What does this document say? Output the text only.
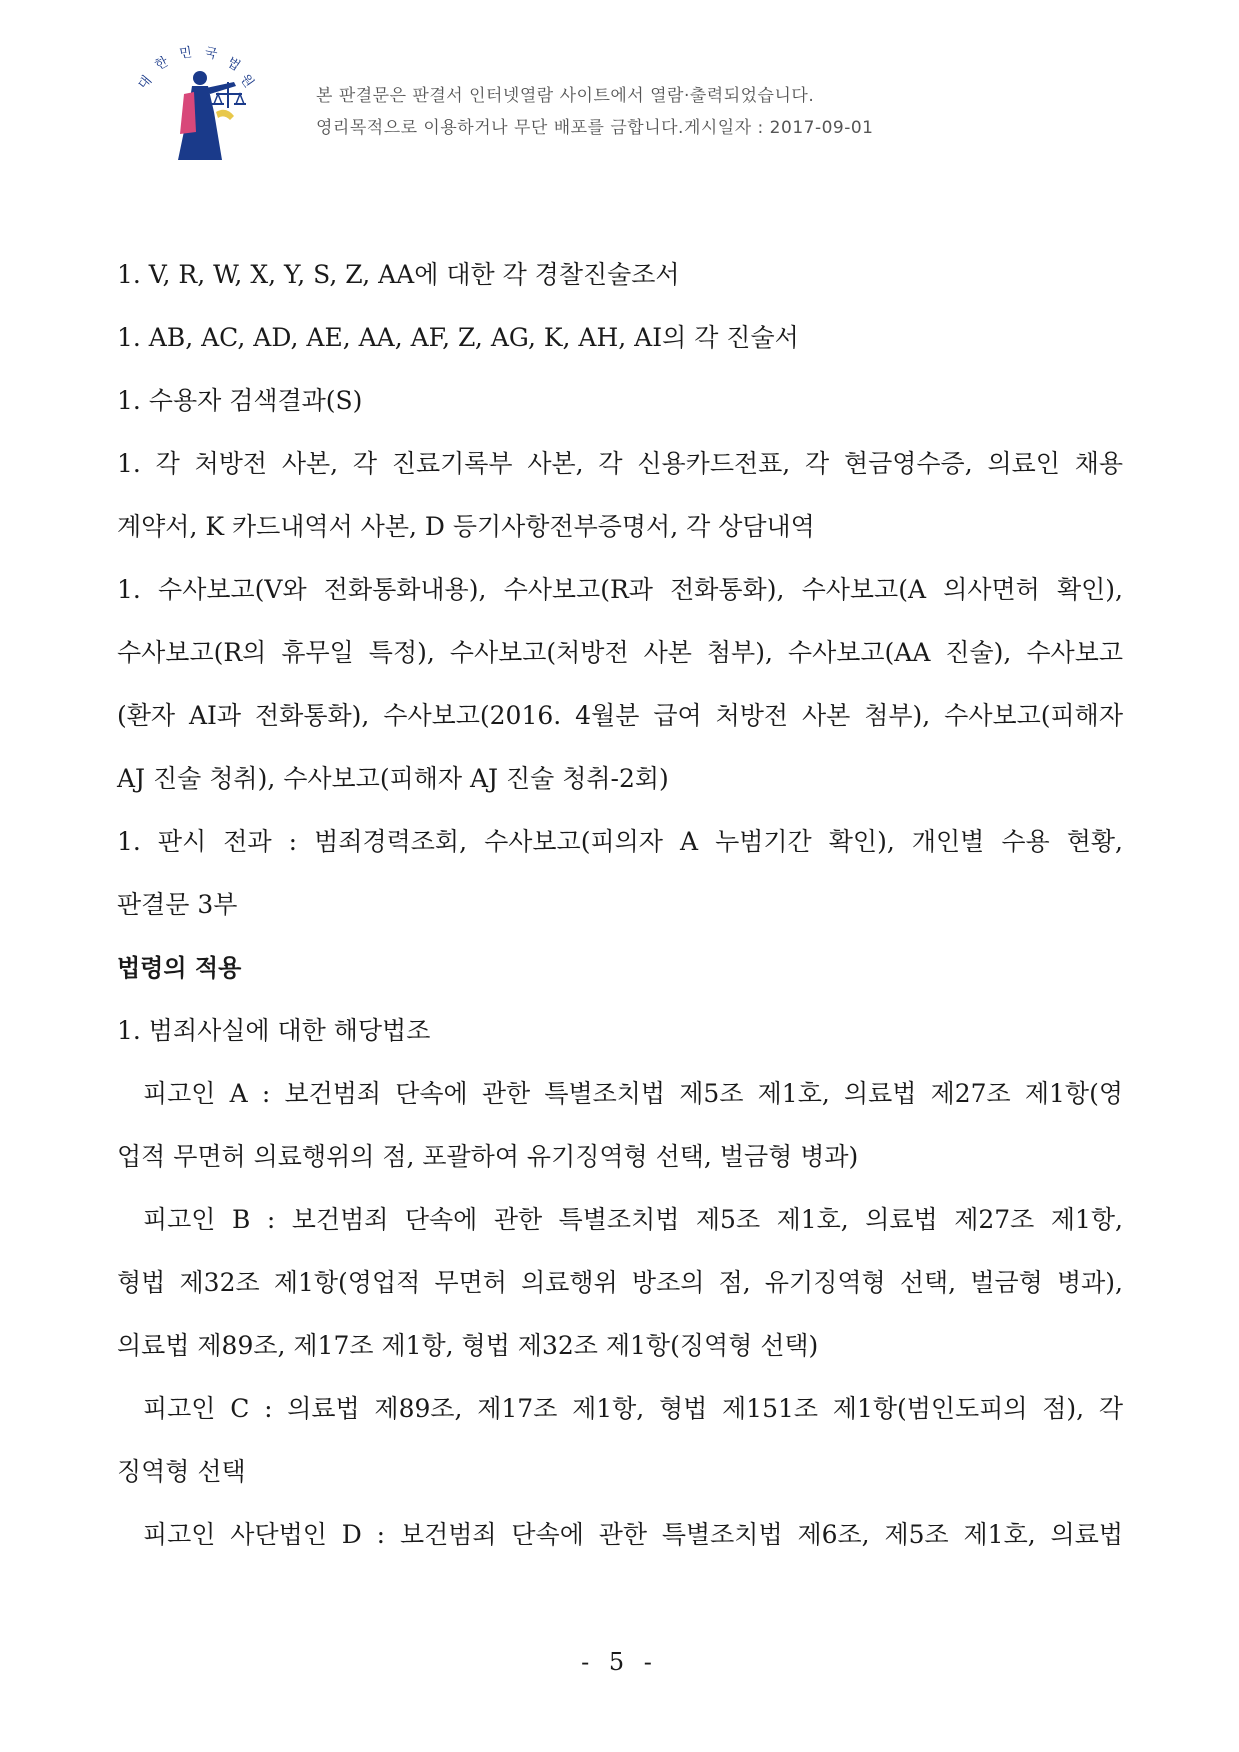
대
한
민 국
법
원
본 판결문은 판결서 인터넷열람 사이트에서 열람·출력되었습니다.
영리목적으로 이용하거나 무단 배포를 금합니다.게시일자 : 2017-09-01
1. V, R, W, X, Y, S, Z, AA에 대한 각 경찰진술조서
1. AB, AC, AD, AE, AA, AF, Z, AG, K, AH, AI의 각 진술서
1. 수용자 검색결과(S)
1. 각 처방전 사본, 각 진료기록부 사본, 각 신용카드전표, 각 현금영수증, 의료인 채용
계약서, K 카드내역서 사본, D 등기사항전부증명서, 각 상담내역
1. 수사보고(V와 전화통화내용), 수사보고(R과 전화통화), 수사보고(A 의사면허 확인),
수사보고(R의 휴무일 특정), 수사보고(처방전 사본 첨부), 수사보고(AA 진술), 수사보고
(환자 AI과 전화통화), 수사보고(2016. 4월분 급여 처방전 사본 첨부), 수사보고(피해자
AJ 진술 청취), 수사보고(피해자 AJ 진술 청취-2회)
1. 판시 전과 : 범죄경력조회, 수사보고(피의자 A 누범기간 확인), 개인별 수용 현황,
판결문 3부
법령의 적용
1. 범죄사실에 대한 해당법조
피고인 A : 보건범죄 단속에 관한 특별조치법 제5조 제1호, 의료법 제27조 제1항(영
업적 무면허 의료행위의 점, 포괄하여 유기징역형 선택, 벌금형 병과)
피고인 B : 보건범죄 단속에 관한 특별조치법 제5조 제1호, 의료법 제27조 제1항,
형법 제32조 제1항(영업적 무면허 의료행위 방조의 점, 유기징역형 선택, 벌금형 병과),
의료법 제89조, 제17조 제1항, 형법 제32조 제1항(징역형 선택)
피고인 C : 의료법 제89조, 제17조 제1항, 형법 제151조 제1항(범인도피의 점), 각
징역형 선택
피고인 사단법인 D : 보건범죄 단속에 관한 특별조치법 제6조, 제5조 제1호, 의료법
- 5 -
